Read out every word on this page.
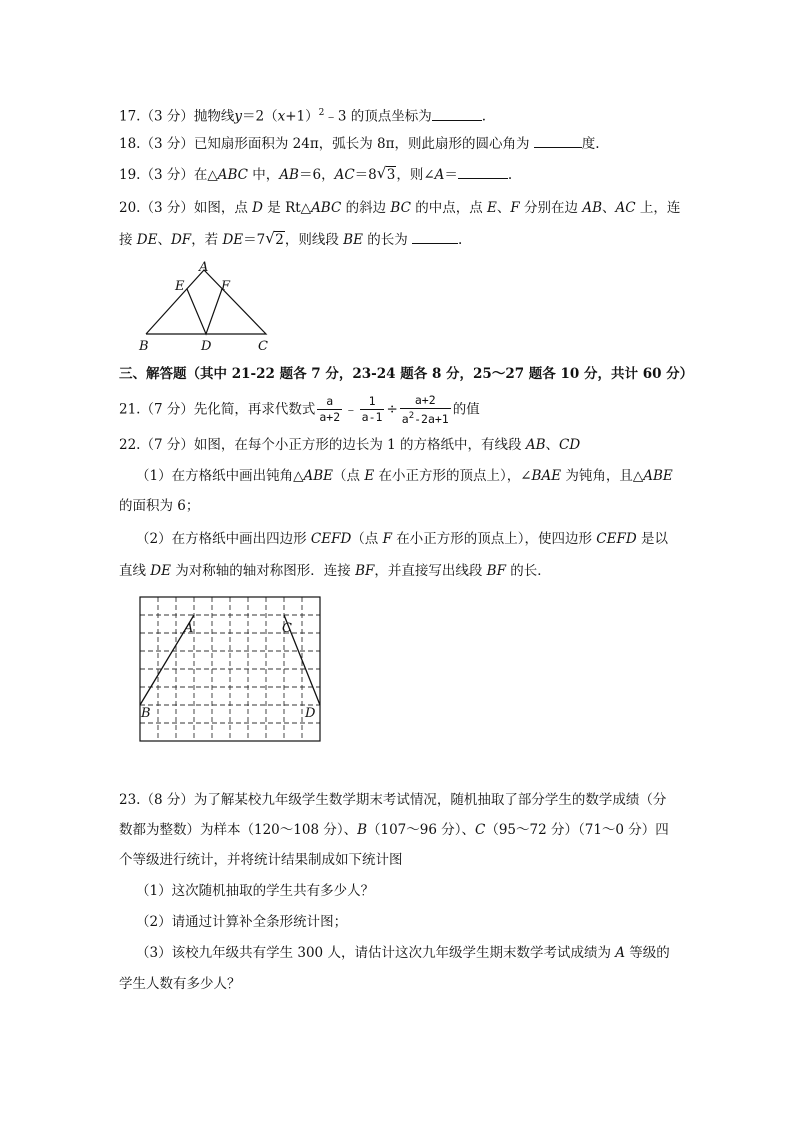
17.（3 分）抛物线$y=2(x+1)^2﹣3$ 的顶点坐标为	.
18.（3 分）已知扇形面积为 24π，弧长为 8π，则此扇形的圆心角为	度.
19.（3 分）在△ABC 中，AB＝6，AC＝8 √ 3，则∠A＝	.
20.（3 分）如图，点 D 是 Rt△ABC 的斜边 BC 的中点，点 E、F 分别在边 AB、AC 上，连
接 DE、DF，若 DE＝7 √ 2，则线段 BE 的长为	.
A
E	F
B	D	C
三、解答题（其中 21-22 题各 7 分，23-24 题各 8 分，25～27 题各 10 分，共计 60 分）
21.（7 分）先化简，再求代数式 $\frac{a}{a+2}$ ﹣ $\frac{1}{a-1} \div \frac{a+2}{a^2-2a+1}$ 的值
22.（7 分）如图，在每个小正方形的边长为 1 的方格纸中，有线段 AB、CD
（1）在方格纸中画出钝角△ABE（点 E 在小正方形的顶点上），∠BAE 为钝角，且△ABE
的面积为 6；
（2）在方格纸中画出四边形 CEFD（点 F 在小正方形的顶点上），使四边形 CEFD 是以
直线 DE 为对称轴的轴对称图形．连接 BF，并直接写出线段 BF 的长．
A	C
B	D
23.（8 分）为了解某校九年级学生数学期末考试情况，随机抽取了部分学生的数学成绩（分
数都为整数）为样本（120～108 分）、B（107～96 分）、C（95～72 分）（71～0 分）四
个等级进行统计，并将统计结果制成如下统计图
（1）这次随机抽取的学生共有多少人？
（2）请通过计算补全条形统计图；
（3）该校九年级共有学生 300 人，请估计这次九年级学生期末数学考试成绩为 A 等级的
学生人数有多少人？
